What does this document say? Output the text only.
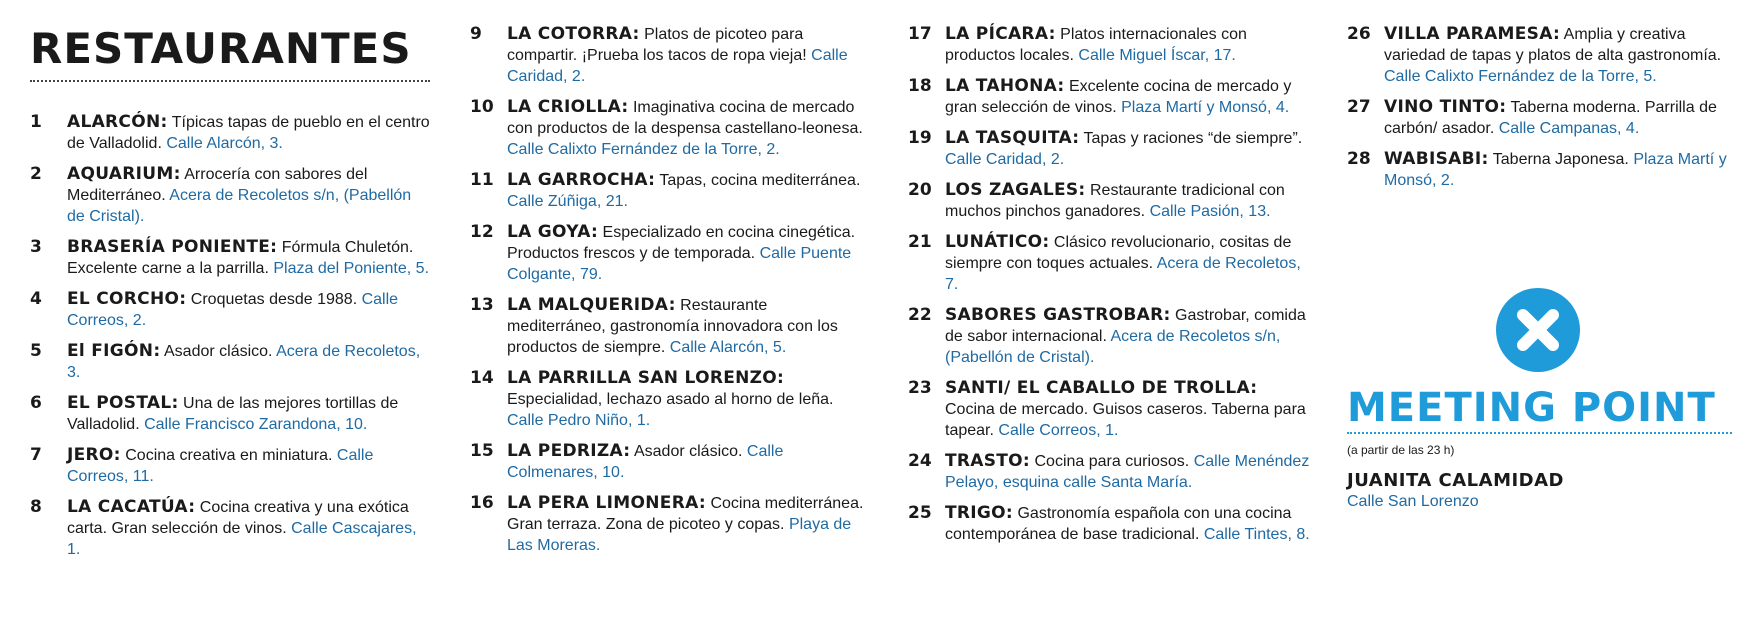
RESTAURANTES
1	ALARCÓN: Típicas tapas de pueblo en el centro de Valladolid. Calle Alarcón, 3.
2	AQUARIUM: Arrocería con sabores del Mediterráneo. Acera de Recoletos s/n, (Pabellón de Cristal).
3	BRASERÍA PONIENTE: Fórmula Chuletón. Excelente carne a la parrilla. Plaza del Poniente, 5.
4	EL CORCHO: Croquetas desde 1988. Calle Correos, 2.
5	El FIGÓN: Asador clásico. Acera de Recoletos, 3.
6	EL POSTAL: Una de las mejores tortillas de Valladolid. Calle Francisco Zarandona, 10.
7	JERO: Cocina creativa en miniatura. Calle Correos, 11.
8	LA CACATÚA: Cocina creativa y una exótica carta. Gran selección de vinos. Calle Cascajares, 1.
9	LA COTORRA: Platos de picoteo para compartir. ¡Prueba los tacos de ropa vieja! Calle Caridad, 2.
10 LA CRIOLLA: Imaginativa cocina de mercado con productos de la despensa castellano-leonesa. Calle Calixto Fernández de la Torre, 2.
11 LA GARROCHA: Tapas, cocina mediterránea. Calle Zúñiga, 21.
12 LA GOYA: Especializado en cocina cinegética. Productos frescos y de temporada. Calle Puente Colgante, 79.
13 LA MALQUERIDA: Restaurante mediterráneo, gastronomía innovadora con los productos de siempre. Calle Alarcón, 5.
14 LA PARRILLA SAN LORENZO: Especialidad, lechazo asado al horno de leña. Calle Pedro Niño, 1.
15 LA PEDRIZA: Asador clásico. Calle Colmenares, 10.
16 LA PERA LIMONERA: Cocina mediterránea. Gran terraza. Zona de picoteo y copas. Playa de Las Moreras.
17 LA PÍCARA: Platos internacionales con productos locales. Calle Miguel Íscar, 17.
18 LA TAHONA: Excelente cocina de mercado y gran selección de vinos. Plaza Martí y Monsó, 4.
19 LA TASQUITA: Tapas y raciones “de siempre”. Calle Caridad, 2.
20 LOS ZAGALES: Restaurante tradicional con muchos pinchos ganadores. Calle Pasión, 13.
21 LUNÁTICO: Clásico revolucionario, cositas de siempre con toques actuales. Acera de Recoletos, 7.
22 SABORES GASTROBAR: Gastrobar, comida de sabor internacional. Acera de Recoletos s/n, (Pabellón de Cristal).
23 SANTI/ EL CABALLO DE TROLLA: Cocina de mercado. Guisos caseros. Taberna para tapear. Calle Correos, 1.
24 TRASTO: Cocina para curiosos. Calle Menéndez Pelayo, esquina calle Santa María.
25 TRIGO: Gastronomía española con una cocina contemporánea de base tradicional. Calle Tintes, 8.
26 VILLA PARAMESA: Amplia y creativa variedad de tapas y platos de alta gastronomía. Calle Calixto Fernández de la Torre, 5.
27 VINO TINTO: Taberna moderna. Parrilla de carbón/ asador. Calle Campanas, 4.
28 WABISABI: Taberna Japonesa. Plaza Martí y Monsó, 2.
MEETING POINT
(a partir de las 23 h)
JUANITA CALAMIDAD
Calle San Lorenzo
